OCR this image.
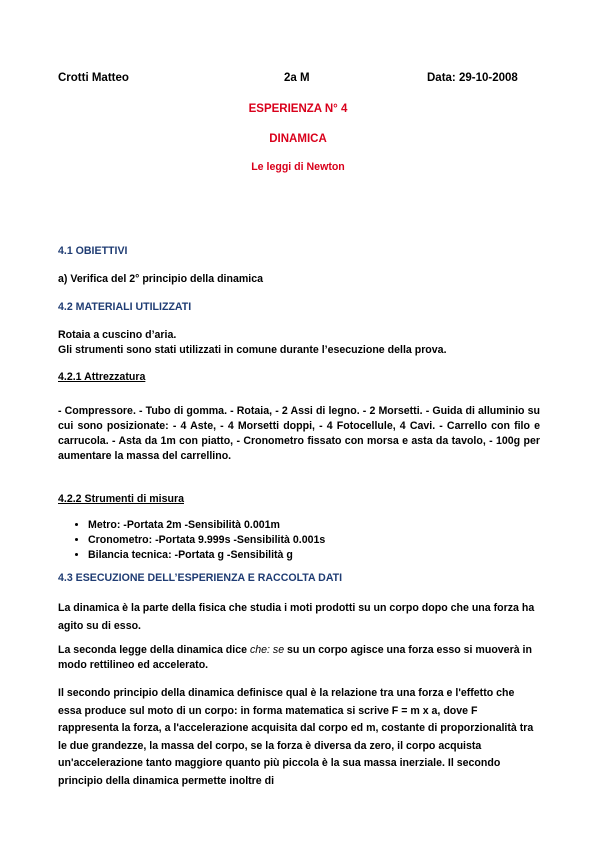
Crotti Matteo	2a M	Data: 29-10-2008
ESPERIENZA N° 4
DINAMICA
Le leggi di Newton
4.1 OBIETTIVI
a) Verifica del 2° principio della dinamica
4.2 MATERIALI UTILIZZATI
Rotaia a cuscino d’aria.
Gli strumenti sono stati utilizzati in comune durante l’esecuzione della prova.
4.2.1 Attrezzatura
- Compressore. - Tubo di gomma. - Rotaia, - 2 Assi di legno. - 2 Morsetti. - Guida di alluminio su cui sono posizionate: - 4 Aste, - 4 Morsetti doppi, - 4 Fotocellule, 4 Cavi. - Carrello con filo e carrucola. - Asta da 1m con piatto, - Cronometro fissato con morsa e asta da tavolo, - 100g per aumentare la massa del carrellino.
4.2.2 Strumenti di misura
• Metro: -Portata 2m -Sensibilità 0.001m
• Cronometro: -Portata 9.999s -Sensibilità 0.001s
• Bilancia tecnica: -Portata g -Sensibilità g
4.3 ESECUZIONE DELL’ESPERIENZA E RACCOLTA DATI
La dinamica è la parte della fisica che studia i moti prodotti su un corpo dopo che una forza ha agito su di esso.
La seconda legge della dinamica dice che: se su un corpo agisce una forza esso si muoverà in modo rettilineo ed accelerato.
Il secondo principio della dinamica definisce qual è la relazione tra una forza e l'effetto che essa produce sul moto di un corpo: in forma matematica si scrive F = m x a, dove F rappresenta la forza, a l'accelerazione acquisita dal corpo ed m, costante di proporzionalità tra le due grandezze, la massa del corpo, se la forza è diversa da zero, il corpo acquista un'accelerazione tanto maggiore quanto più piccola è la sua massa inerziale. Il secondo principio della dinamica permette inoltre di
